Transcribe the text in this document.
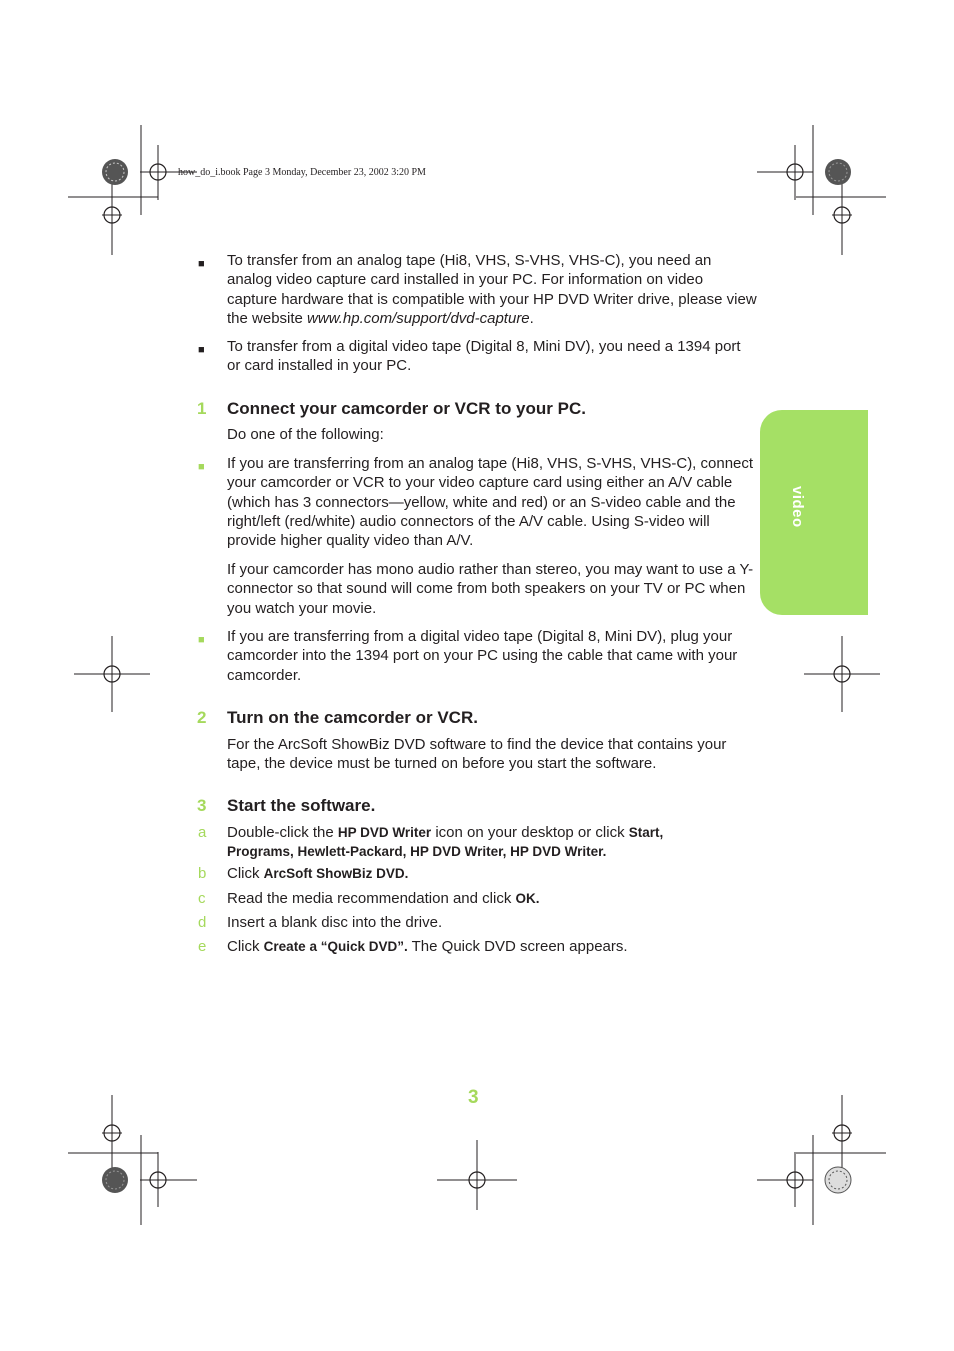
how_do_i.book Page 3 Monday, December 23, 2002 3:20 PM
video
■	To transfer from an analog tape (Hi8, VHS, S-VHS, VHS-C), you need an analog video capture card installed in your PC. For information on video capture hardware that is compatible with your HP DVD Writer drive, please view the website www.hp.com/support/dvd-capture.
■	To transfer from a digital video tape (Digital 8, Mini DV), you need a 1394 port or card installed in your PC.
1 Connect your camcorder or VCR to your PC.
Do one of the following:
■	If you are transferring from an analog tape (Hi8, VHS, S-VHS, VHS-C), connect your camcorder or VCR to your video capture card using either an A/V cable (which has 3 connectors—yellow, white and red) or an S-video cable and the right/left (red/white) audio connectors of the A/V cable. Using S-video will provide higher quality video than A/V.
If your camcorder has mono audio rather than stereo, you may want to use a Y-connector so that sound will come from both speakers on your TV or PC when you watch your movie.
■	If you are transferring from a digital video tape (Digital 8, Mini DV), plug your camcorder into the 1394 port on your PC using the cable that came with your camcorder.
2 Turn on the camcorder or VCR.
For the ArcSoft ShowBiz DVD software to find the device that contains your tape, the device must be turned on before you start the software.
3 Start the software.
a Double-click the HP DVD Writer icon on your desktop or click Start,
Programs, Hewlett-Packard, HP DVD Writer, HP DVD Writer.
b Click ArcSoft ShowBiz DVD.
c Read the media recommendation and click OK.
d Insert a blank disc into the drive.
e Click Create a “Quick DVD”. The Quick DVD screen appears.
3
